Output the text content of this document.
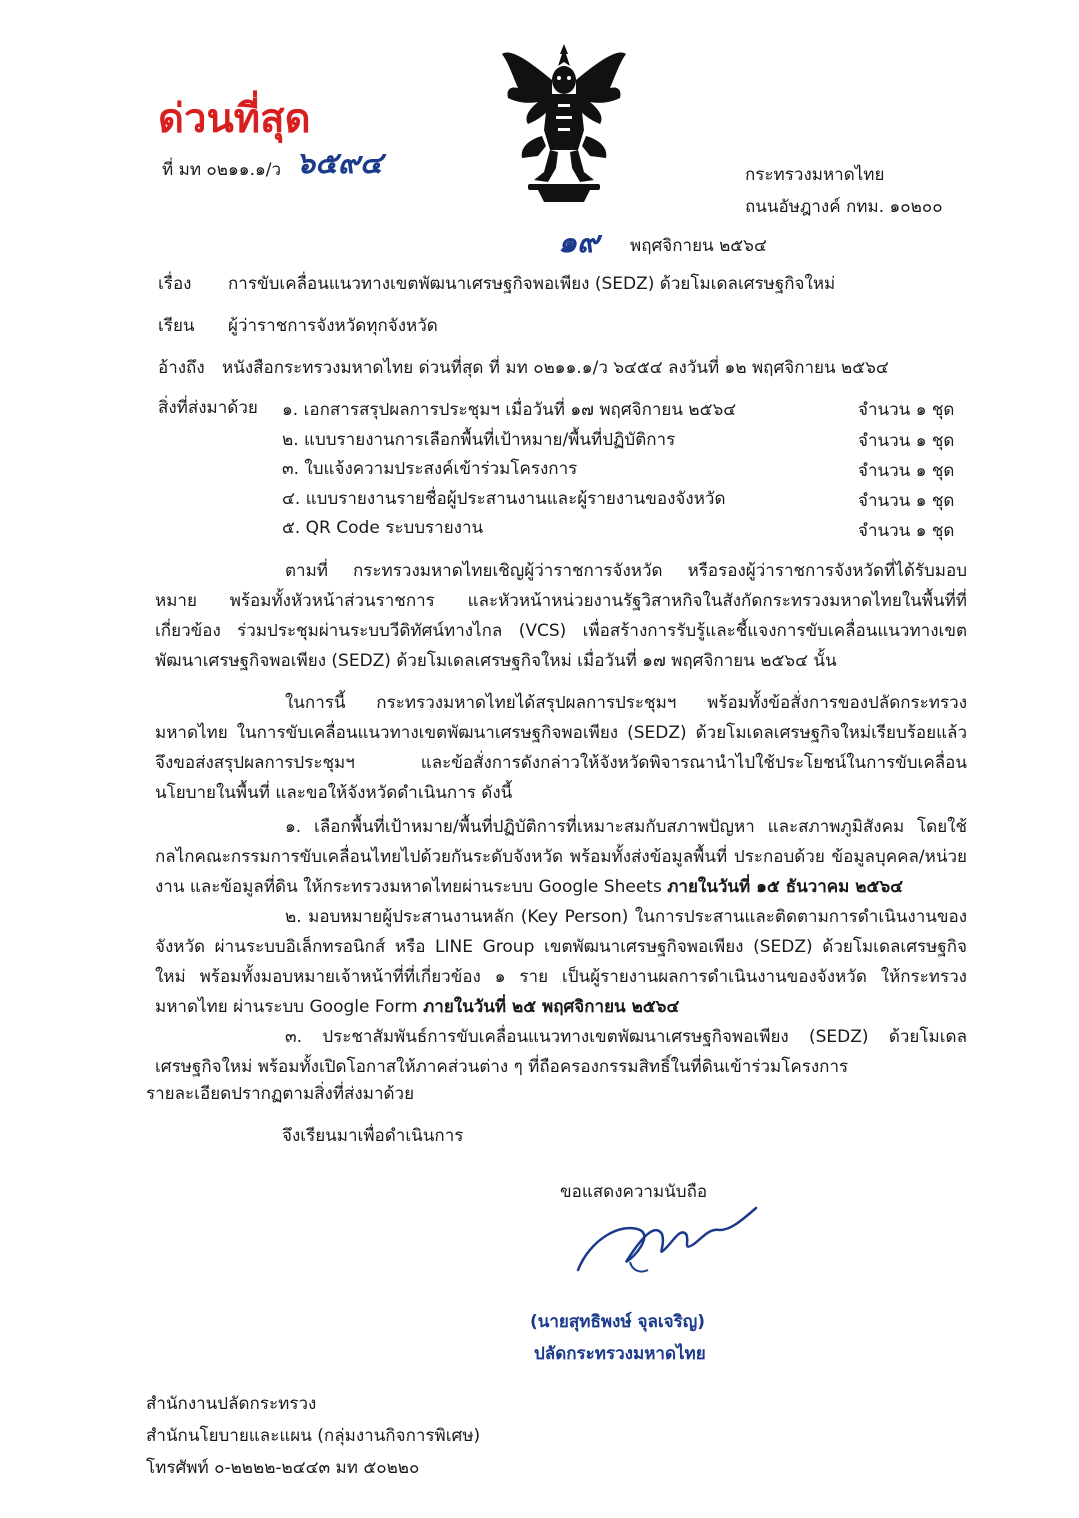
ด่วนที่สุด
ที่ มท ๐๒๑๑.๑/ว ๖๕๙๔	กระทรวงมหาดไทย
ถนนอัษฎางค์ กทม. ๑๐๒๐๐
๑๙ พฤศจิกายน ๒๕๖๔
เรื่อง การขับเคลื่อนแนวทางเขตพัฒนาเศรษฐกิจพอเพียง (SEDZ) ด้วยโมเดลเศรษฐกิจใหม่
เรียน ผู้ว่าราชการจังหวัดทุกจังหวัด
อ้างถึง หนังสือกระทรวงมหาดไทย ด่วนที่สุด ที่ มท ๐๒๑๑.๑/ว ๖๔๕๔ ลงวันที่ ๑๒ พฤศจิกายน ๒๕๖๔
สิ่งที่ส่งมาด้วย ๑. เอกสารสรุปผลการประชุมฯ เมื่อวันที่ ๑๗ พฤศจิกายน ๒๕๖๔	จำนวน ๑ ชุด
๒. แบบรายงานการเลือกพื้นที่เป้าหมาย/พื้นที่ปฏิบัติการ	จำนวน ๑ ชุด
๓. ใบแจ้งความประสงค์เข้าร่วมโครงการ	จำนวน ๑ ชุด
๔. แบบรายงานรายชื่อผู้ประสานงานและผู้รายงานของจังหวัด	จำนวน ๑ ชุด
๕. QR Code ระบบรายงาน	จำนวน ๑ ชุด
ตามที่ กระทรวงมหาดไทยเชิญผู้ว่าราชการจังหวัด หรือรองผู้ว่าราชการจังหวัดที่ได้รับมอบหมาย พร้อมทั้งหัวหน้าส่วนราชการ และหัวหน้าหน่วยงานรัฐวิสาหกิจในสังกัดกระทรวงมหาดไทยในพื้นที่ที่เกี่ยวข้อง ร่วมประชุมผ่านระบบวีดิทัศน์ทางไกล (VCS) เพื่อสร้างการรับรู้และชี้แจงการขับเคลื่อนแนวทางเขตพัฒนาเศรษฐกิจพอเพียง (SEDZ) ด้วยโมเดลเศรษฐกิจใหม่ เมื่อวันที่ ๑๗ พฤศจิกายน ๒๕๖๔ นั้น
ในการนี้ กระทรวงมหาดไทยได้สรุปผลการประชุมฯ พร้อมทั้งข้อสั่งการของปลัดกระทรวงมหาดไทย ในการขับเคลื่อนแนวทางเขตพัฒนาเศรษฐกิจพอเพียง (SEDZ) ด้วยโมเดลเศรษฐกิจใหม่เรียบร้อยแล้ว จึงขอส่งสรุปผลการประชุมฯ และข้อสั่งการดังกล่าวให้จังหวัดพิจารณานำไปใช้ประโยชน์ในการขับเคลื่อนนโยบายในพื้นที่ และขอให้จังหวัดดำเนินการ ดังนี้
๑. เลือกพื้นที่เป้าหมาย/พื้นที่ปฏิบัติการที่เหมาะสมกับสภาพปัญหา และสภาพภูมิสังคม โดยใช้กลไกคณะกรรมการขับเคลื่อนไทยไปด้วยกันระดับจังหวัด พร้อมทั้งส่งข้อมูลพื้นที่ ประกอบด้วย ข้อมูลบุคคล/หน่วยงาน และข้อมูลที่ดิน ให้กระทรวงมหาดไทยผ่านระบบ Google Sheets ภายในวันที่ ๑๕ ธันวาคม ๒๕๖๔
๒. มอบหมายผู้ประสานงานหลัก (Key Person) ในการประสานและติดตามการดำเนินงานของจังหวัด ผ่านระบบอิเล็กทรอนิกส์ หรือ LINE Group เขตพัฒนาเศรษฐกิจพอเพียง (SEDZ) ด้วยโมเดลเศรษฐกิจใหม่ พร้อมทั้งมอบหมายเจ้าหน้าที่ที่เกี่ยวข้อง ๑ ราย เป็นผู้รายงานผลการดำเนินงานของจังหวัด ให้กระทรวงมหาดไทย ผ่านระบบ Google Form ภายในวันที่ ๒๕ พฤศจิกายน ๒๕๖๔
๓. ประชาสัมพันธ์การขับเคลื่อนแนวทางเขตพัฒนาเศรษฐกิจพอเพียง (SEDZ) ด้วยโมเดลเศรษฐกิจใหม่ พร้อมทั้งเปิดโอกาสให้ภาคส่วนต่าง ๆ ที่ถือครองกรรมสิทธิ์ในที่ดินเข้าร่วมโครงการ
รายละเอียดปรากฏตามสิ่งที่ส่งมาด้วย
จึงเรียนมาเพื่อดำเนินการ
ขอแสดงความนับถือ
(นายสุทธิพงษ์ จุลเจริญ)
ปลัดกระทรวงมหาดไทย
สำนักงานปลัดกระทรวง
สำนักนโยบายและแผน (กลุ่มงานกิจการพิเศษ)
โทรศัพท์ ๐-๒๒๒๒-๒๔๔๓ มท ๕๐๒๒๐
